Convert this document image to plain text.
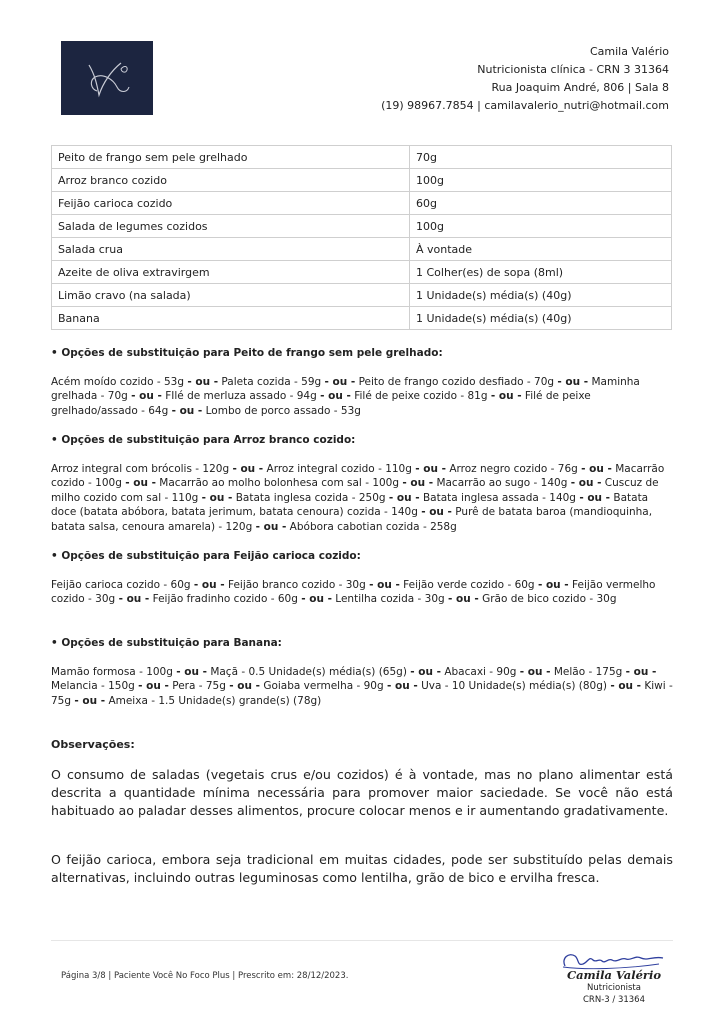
Camila Valério
Nutricionista clínica - CRN 3 31364
Rua Joaquim André, 806 | Sala 8
(19) 98967.7854 | camilavalerio_nutri@hotmail.com
Peito de frango sem pele grelhado	70g
Arroz branco cozido	100g
Feijão carioca cozido	60g
Salada de legumes cozidos	100g
Salada crua	À vontade
Azeite de oliva extravirgem	1 Colher(es) de sopa (8ml)
Limão cravo (na salada)	1 Unidade(s) média(s) (40g)
Banana	1 Unidade(s) média(s) (40g)

• Opções de substituição para Peito de frango sem pele grelhado:

Acém moído cozido - 53g - ou - Paleta cozida - 59g - ou - Peito de frango cozido desfiado - 70g - ou - Maminha grelhada - 70g - ou - FIlé de merluza assado - 94g - ou - Filé de peixe cozido - 81g - ou - Filé de peixe grelhado/assado - 64g - ou - Lombo de porco assado - 53g

• Opções de substituição para Arroz branco cozido:

Arroz integral com brócolis - 120g - ou - Arroz integral cozido - 110g - ou - Arroz negro cozido - 76g - ou - Macarrão cozido - 100g - ou - Macarrão ao molho bolonhesa com sal - 100g - ou - Macarrão ao sugo - 140g - ou - Cuscuz de milho cozido com sal - 110g - ou - Batata inglesa cozida - 250g - ou - Batata inglesa assada - 140g - ou - Batata doce (batata abóbora, batata jerimum, batata cenoura) cozida - 140g - ou - Purê de batata baroa (mandioquinha, batata salsa, cenoura amarela) - 120g - ou - Abóbora cabotian cozida - 258g

• Opções de substituição para Feijão carioca cozido:

Feijão carioca cozido - 60g - ou - Feijão branco cozido - 30g - ou - Feijão verde cozido - 60g - ou - Feijão vermelho cozido - 30g - ou - Feijão fradinho cozido - 60g - ou - Lentilha cozida - 30g - ou - Grão de bico cozido - 30g

• Opções de substituição para Banana:

Mamão formosa - 100g - ou - Maçã - 0.5 Unidade(s) média(s) (65g) - ou - Abacaxi - 90g - ou - Melão - 175g - ou - Melancia - 150g - ou - Pera - 75g - ou - Goiaba vermelha - 90g - ou - Uva - 10 Unidade(s) média(s) (80g) - ou - Kiwi - 75g - ou - Ameixa - 1.5 Unidade(s) grande(s) (78g)

Observações:

O consumo de saladas (vegetais crus e/ou cozidos) é à vontade, mas no plano alimentar está descrita a quantidade mínima necessária para promover maior saciedade. Se você não está habituado ao paladar desses alimentos, procure colocar menos e ir aumentando gradativamente.

O feijão carioca, embora seja tradicional em muitas cidades, pode ser substituído pelas demais alternativas, incluindo outras leguminosas como lentilha, grão de bico e ervilha fresca.

Página 3/8 | Paciente Você No Foco Plus | Prescrito em: 28/12/2023.	Camila Valério
Nutricionista
CRN-3 / 31364
